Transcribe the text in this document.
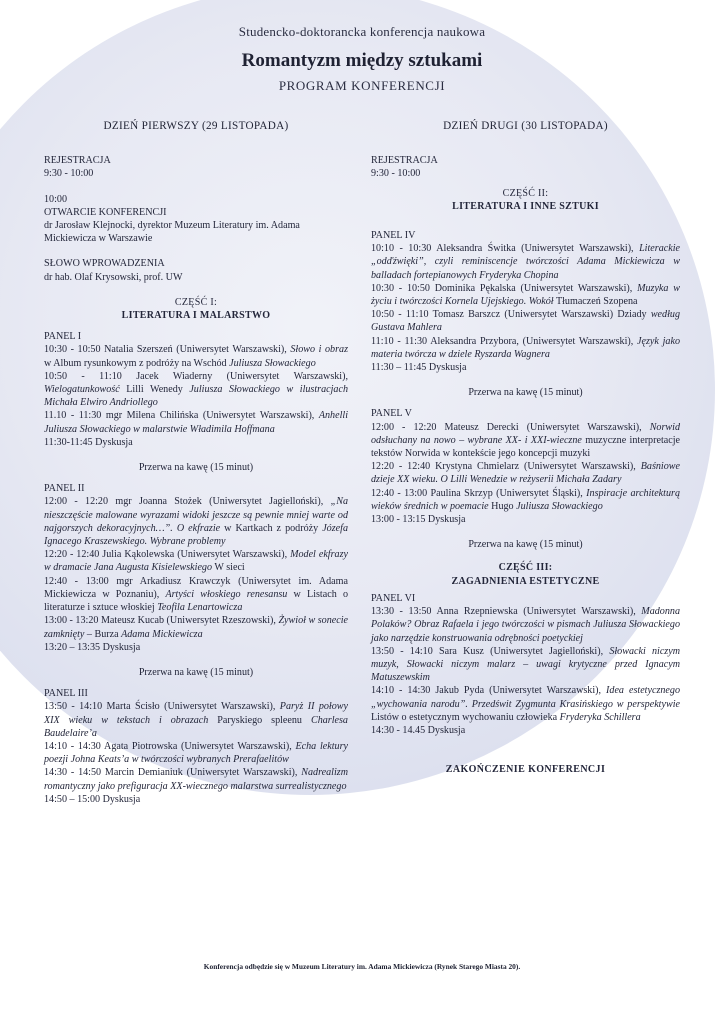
Studencko-doktorancka konferencja naukowa
Romantyzm między sztukami
PROGRAM KONFERENCJI
DZIEŃ PIERWSZY (29 LISTOPADA)
REJESTRACJA
9:30 - 10:00
10:00
OTWARCIE KONFERENCJI
dr Jarosław Klejnocki, dyrektor Muzeum Literatury im. Adama Mickiewicza w Warszawie
SŁOWO WPROWADZENIA
dr hab. Olaf Krysowski, prof. UW
CZĘŚĆ I:
LITERATURA I MALARSTWO
PANEL I
10:30 - 10:50 Natalia Szerszeń (Uniwersytet Warszawski), Słowo i obraz w Album rysunkowym z podróży na Wschód Juliusza Słowackiego
10:50 - 11:10 Jacek Wiaderny (Uniwersytet Warszawski), Wielogatunkowość Lilli Wenedy Juliusza Słowackiego w ilustracjach Michała Elwiro Andriollego
11.10 - 11:30 mgr Milena Chilińska (Uniwersytet Warszawski), Anhelli Juliusza Słowackiego w malarstwie Władimila Hoffmana
11:30-11:45 Dyskusja
Przerwa na kawę (15 minut)
PANEL II
12:00 - 12:20 mgr Joanna Stożek (Uniwersytet Jagielloński), „Na nieszczęście malowane wyrazami widoki jeszcze są pewnie mniej warte od najgorszych dekoracyjnych…”. O ekfrazie w Kartkach z podróży Józefa Ignacego Kraszewskiego. Wybrane problemy
12:20 - 12:40 Julia Kąkolewska (Uniwersytet Warszawski), Model ekfrazy w dramacie Jana Augusta Kisielewskiego W sieci
12:40 - 13:00 mgr Arkadiusz Krawczyk (Uniwersytet im. Adama Mickiewicza w Poznaniu), Artyści włoskiego renesansu w Listach o literaturze i sztuce włoskiej Teofila Lenartowicza
13:00 - 13:20 Mateusz Kucab (Uniwersytet Rzeszowski), Żywioł w sonecie zamknięty – Burza Adama Mickiewicza
13:20 – 13:35 Dyskusja
Przerwa na kawę (15 minut)
PANEL III
13:50 - 14:10 Marta Ścisło (Uniwersytet Warszawski), Paryż II połowy XIX wieku w tekstach i obrazach Paryskiego spleenu Charlesa Baudelaire’a
14:10 - 14:30 Agata Piotrowska (Uniwersytet Warszawski), Echa lektury poezji Johna Keats’a w twórczości wybranych Prerafaelitów
14:30 - 14:50 Marcin Demianiuk (Uniwersytet Warszawski), Nadrealizm romantyczny jako prefiguracja XX-wiecznego malarstwa surrealistycznego
14:50 – 15:00 Dyskusja
DZIEŃ DRUGI (30 LISTOPADA)
REJESTRACJA
9:30 - 10:00
CZĘŚĆ II:
LITERATURA I INNE SZTUKI
PANEL IV
10:10 - 10:30 Aleksandra Świtka (Uniwersytet Warszawski), Literackie „odďźwięki”, czyli reminiscencje twórczości Adama Mickiewicza w balladach fortepianowych Fryderyka Chopina
10:30 - 10:50 Dominika Pękalska (Uniwersytet Warszawski), Muzyka w życiu i twórczości Kornela Ujejskiego. Wokół Tłumaczeń Szopena
10:50 - 11:10 Tomasz Barszcz (Uniwersytet Warszawski) Dziady według Gustava Mahlera
11:10 - 11:30 Aleksandra Przybora, (Uniwersytet Warszawski), Język jako materia twórcza w dziele Ryszarda Wagnera
11:30 – 11:45 Dyskusja
Przerwa na kawę (15 minut)
PANEL V
12:00 - 12:20 Mateusz Derecki (Uniwersytet Warszawski), Norwid odsłuchany na nowo – wybrane XX- i XXI-wieczne muzyczne interpretacje tekstów Norwida w kontekście jego koncepcji muzyki
12:20 - 12:40 Krystyna Chmielarz (Uniwersytet Warszawski), Baśniowe dzieje XX wieku. O Lilli Wenedzie w reżyserii Michała Zadary
12:40 - 13:00 Paulina Skrzyp (Uniwersytet Śląski), Inspiracje architekturą wieków średnich w poemacie Hugo Juliusza Słowackiego
13:00 - 13:15 Dyskusja
Przerwa na kawę (15 minut)
CZĘŚĆ III:
ZAGADNIENIA ESTETYCZNE
PANEL VI
13:30 - 13:50 Anna Rzepniewska (Uniwersytet Warszawski), Madonna Polaków? Obraz Rafaela i jego twórczości w pismach Juliusza Słowackiego jako narzędzie konstruowania odrębności poetyckiej
13:50 - 14:10 Sara Kusz (Uniwersytet Jagielloński), Słowacki niczym muzyk, Słowacki niczym malarz – uwagi krytyczne przed Ignacym Matuszewskim
14:10 - 14:30 Jakub Pyda (Uniwersytet Warszawski), Idea estetycznego „wychowania narodu”. Przedświt Zygmunta Krasińskiego w perspektywie Listów o estetycznym wychowaniu człowieka Fryderyka Schillera
14:30 - 14.45 Dyskusja
ZAKOŃCZENIE KONFERENCJI
Konferencja odbędzie się w Muzeum Literatury im. Adama Mickiewicza (Rynek Starego Miasta 20).
